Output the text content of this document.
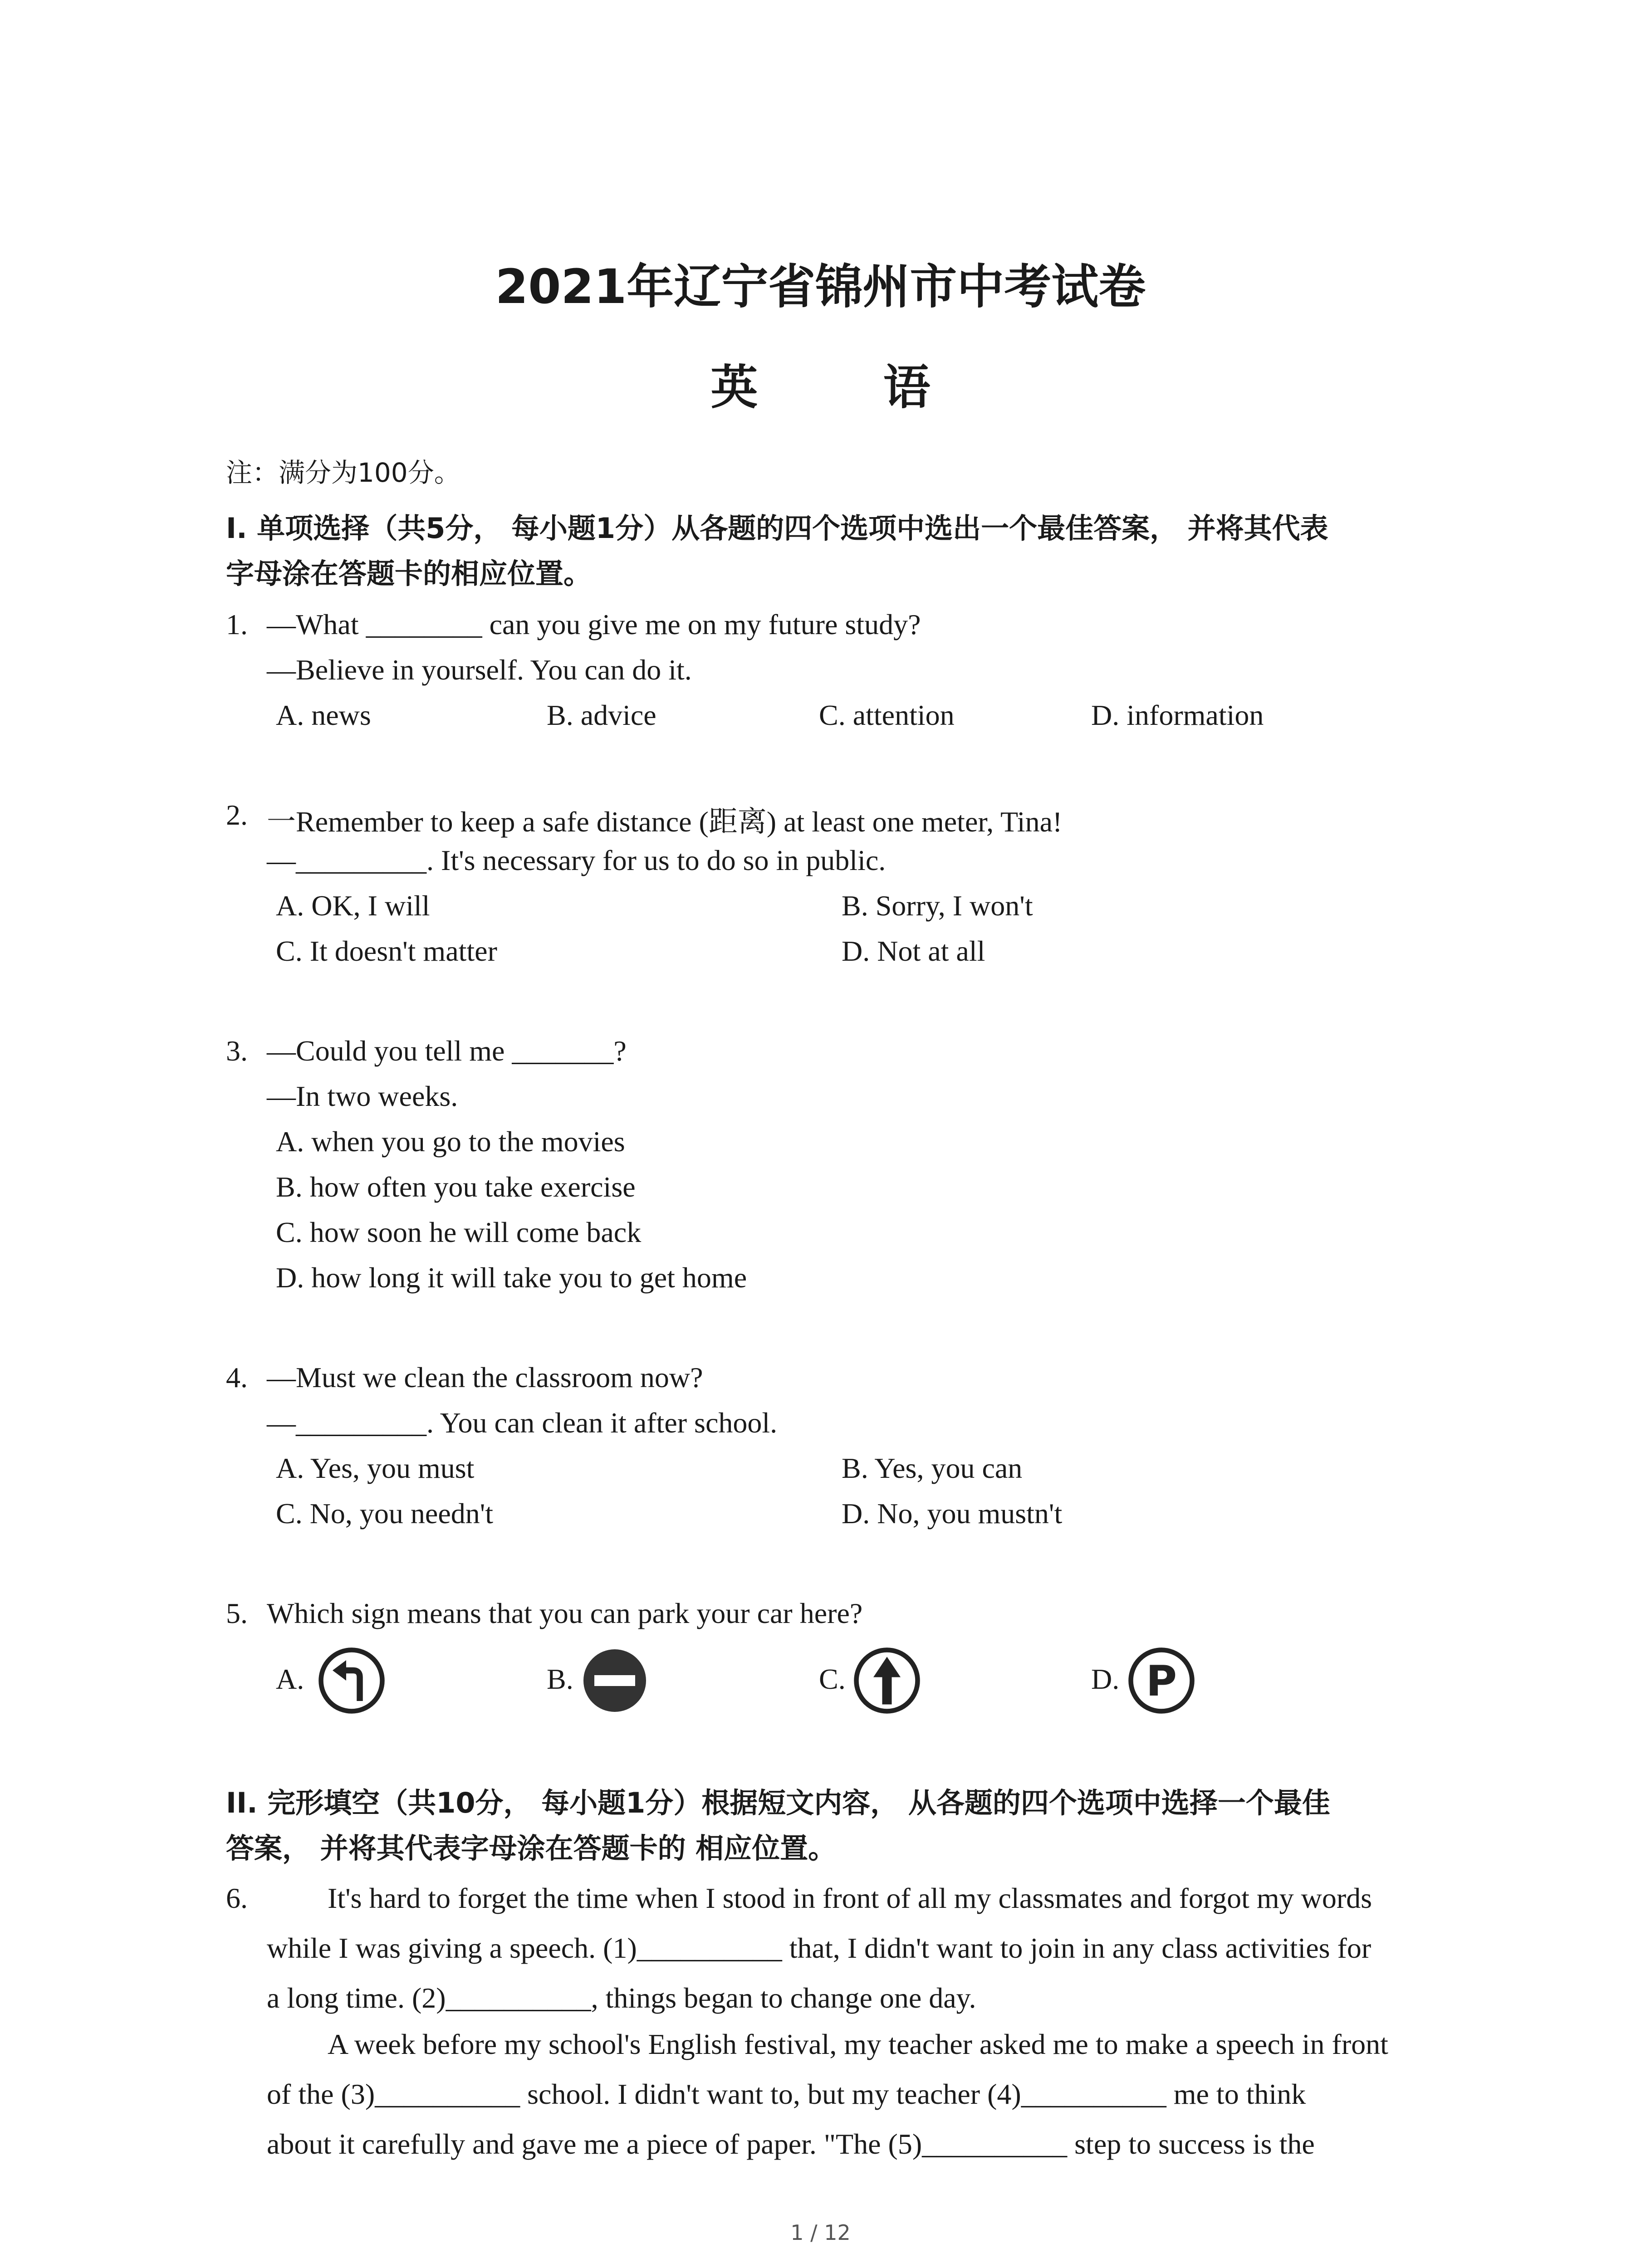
2021年辽宁省锦州市中考试卷
英 语
注：满分为100分。
I. 单项选择（共5分， 每小题1分）从各题的四个选项中选出一个最佳答案， 并将其代表
字母涂在答题卡的相应位置。
1. —What ________ can you give me on my future study?
—Believe in yourself. You can do it.
A. news	B. advice	C. attention	D. information
2. 一Remember to keep a safe distance (距离) at least one meter, Tina!
—_________. It's necessary for us to do so in public.
A. OK, I will	B. Sorry, I won't
C. It doesn't matter	D. Not at all
3. —Could you tell me _______?
—In two weeks.
A. when you go to the movies
B. how often you take exercise
C. how soon he will come back
D. how long it will take you to get home
4. —Must we clean the classroom now?
—_________. You can clean it after school.
A. Yes, you must	B. Yes, you can
C. No, you needn't	D. No, you mustn't
5. Which sign means that you can park your car here?
A.	B.	C.	D. P
II. 完形填空（共10分， 每小题1分）根据短文内容， 从各题的四个选项中选择一个最佳
答案， 并将其代表字母涂在答题卡的 相应位置。
6.	It's hard to forget the time when I stood in front of all my classmates and forgot my words
while I was giving a speech. (1)__________ that, I didn't want to join in any class activities for
a long time. (2)__________, things began to change one day.
A week before my school's English festival, my teacher asked me to make a speech in front
of the (3)__________ school. I didn't want to, but my teacher (4)__________ me to think
about it carefully and gave me a piece of paper. "The (5)__________ step to success is the
1 / 12
